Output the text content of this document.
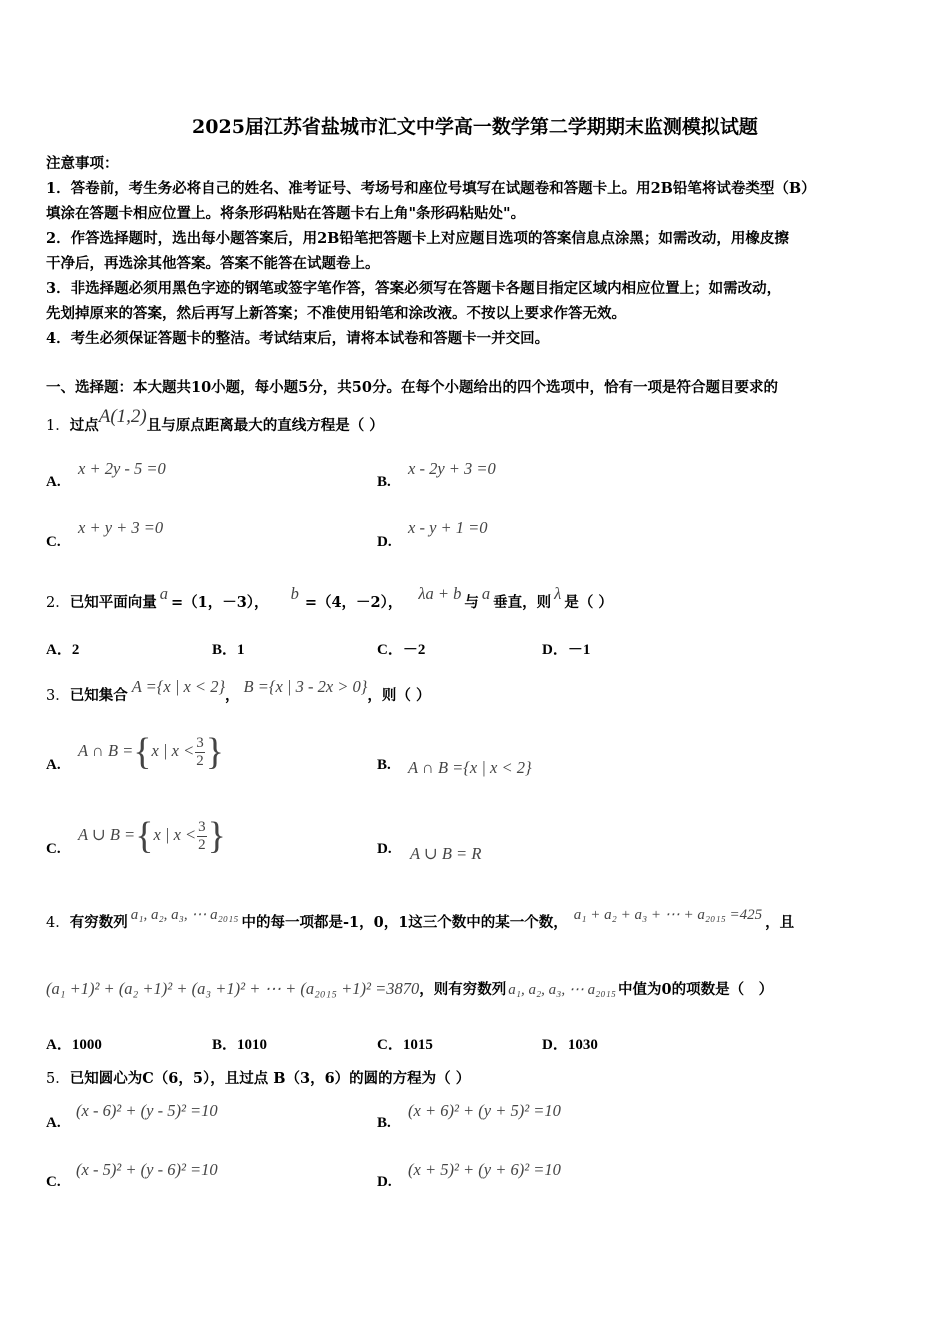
2025届江苏省盐城市汇文中学高一数学第二学期期末监测模拟试题
注意事项：
1．答卷前，考生务必将自己的姓名、准考证号、考场号和座位号填写在试题卷和答题卡上。用2B铅笔将试卷类型（B）
填涂在答题卡相应位置上。将条形码粘贴在答题卡右上角"条形码粘贴处"。
2．作答选择题时，选出每小题答案后，用2B铅笔把答题卡上对应题目选项的答案信息点涂黑；如需改动，用橡皮擦
干净后，再选涂其他答案。答案不能答在试题卷上。
3．非选择题必须用黑色字迹的钢笔或签字笔作答，答案必须写在答题卡各题目指定区域内相应位置上；如需改动，
先划掉原来的答案，然后再写上新答案；不准使用铅笔和涂改液。不按以上要求作答无效。
4．考生必须保证答题卡的整洁。考试结束后，请将本试卷和答题卡一并交回。
一、选择题：本大题共10小题，每小题5分，共50分。在每个小题给出的四个选项中，恰有一项是符合题目要求的
1．过点A(1,2)且与原点距离最大的直线方程是（ ）
A.
x + 2y - 5 =0
B.
x - 2y + 3 =0
C.
x + y + 3 =0
D.
x - y + 1 =0
2．已知平面向量 a =（1，－3）， b =（4，－2）， λa + b 与 a 垂直，则 λ 是（ ）
A．2	B．1	C．－2	D．－1
3．已知集合 A ={x | x < 2}， B ={x | 3 - 2x > 0}，则（ ）
A.
A ∩ B ={x | $x < \frac{3}{2}$ }	B. A ∩ B ={x | x < 2}
C.
A ∪ B ={x | $x < \frac{3}{2}$ }	D. A ∪ B = R
4．有穷数列 a₁, a₂, a₃, ⋯ a₂₀₁₅ 中的每一项都是-1，0，1这三个数中的某一个数， a₁ + a₂ + a₃ + ⋯ + a₂₀₁₅ =425 ，且
(a₁ +1)² + (a₂ +1)² + (a₃ +1)² + ⋯ + (a₂₀₁₅ +1)² =3870，则有穷数列 a₁, a₂, a₃, ⋯ a₂₀₁₅ 中值为0的项数是（　）
A．1000	B．1010	C．1015	D．1030
5．已知圆心为C（6，5），且过点 B（3，6）的圆的方程为（ ）
A.
(x - 6)² + (y - 5)² =10
B.
(x + 6)² + (y + 5)² =10
C.
(x - 5)² + (y - 6)² =10
D.
(x + 5)² + (y + 6)² =10
